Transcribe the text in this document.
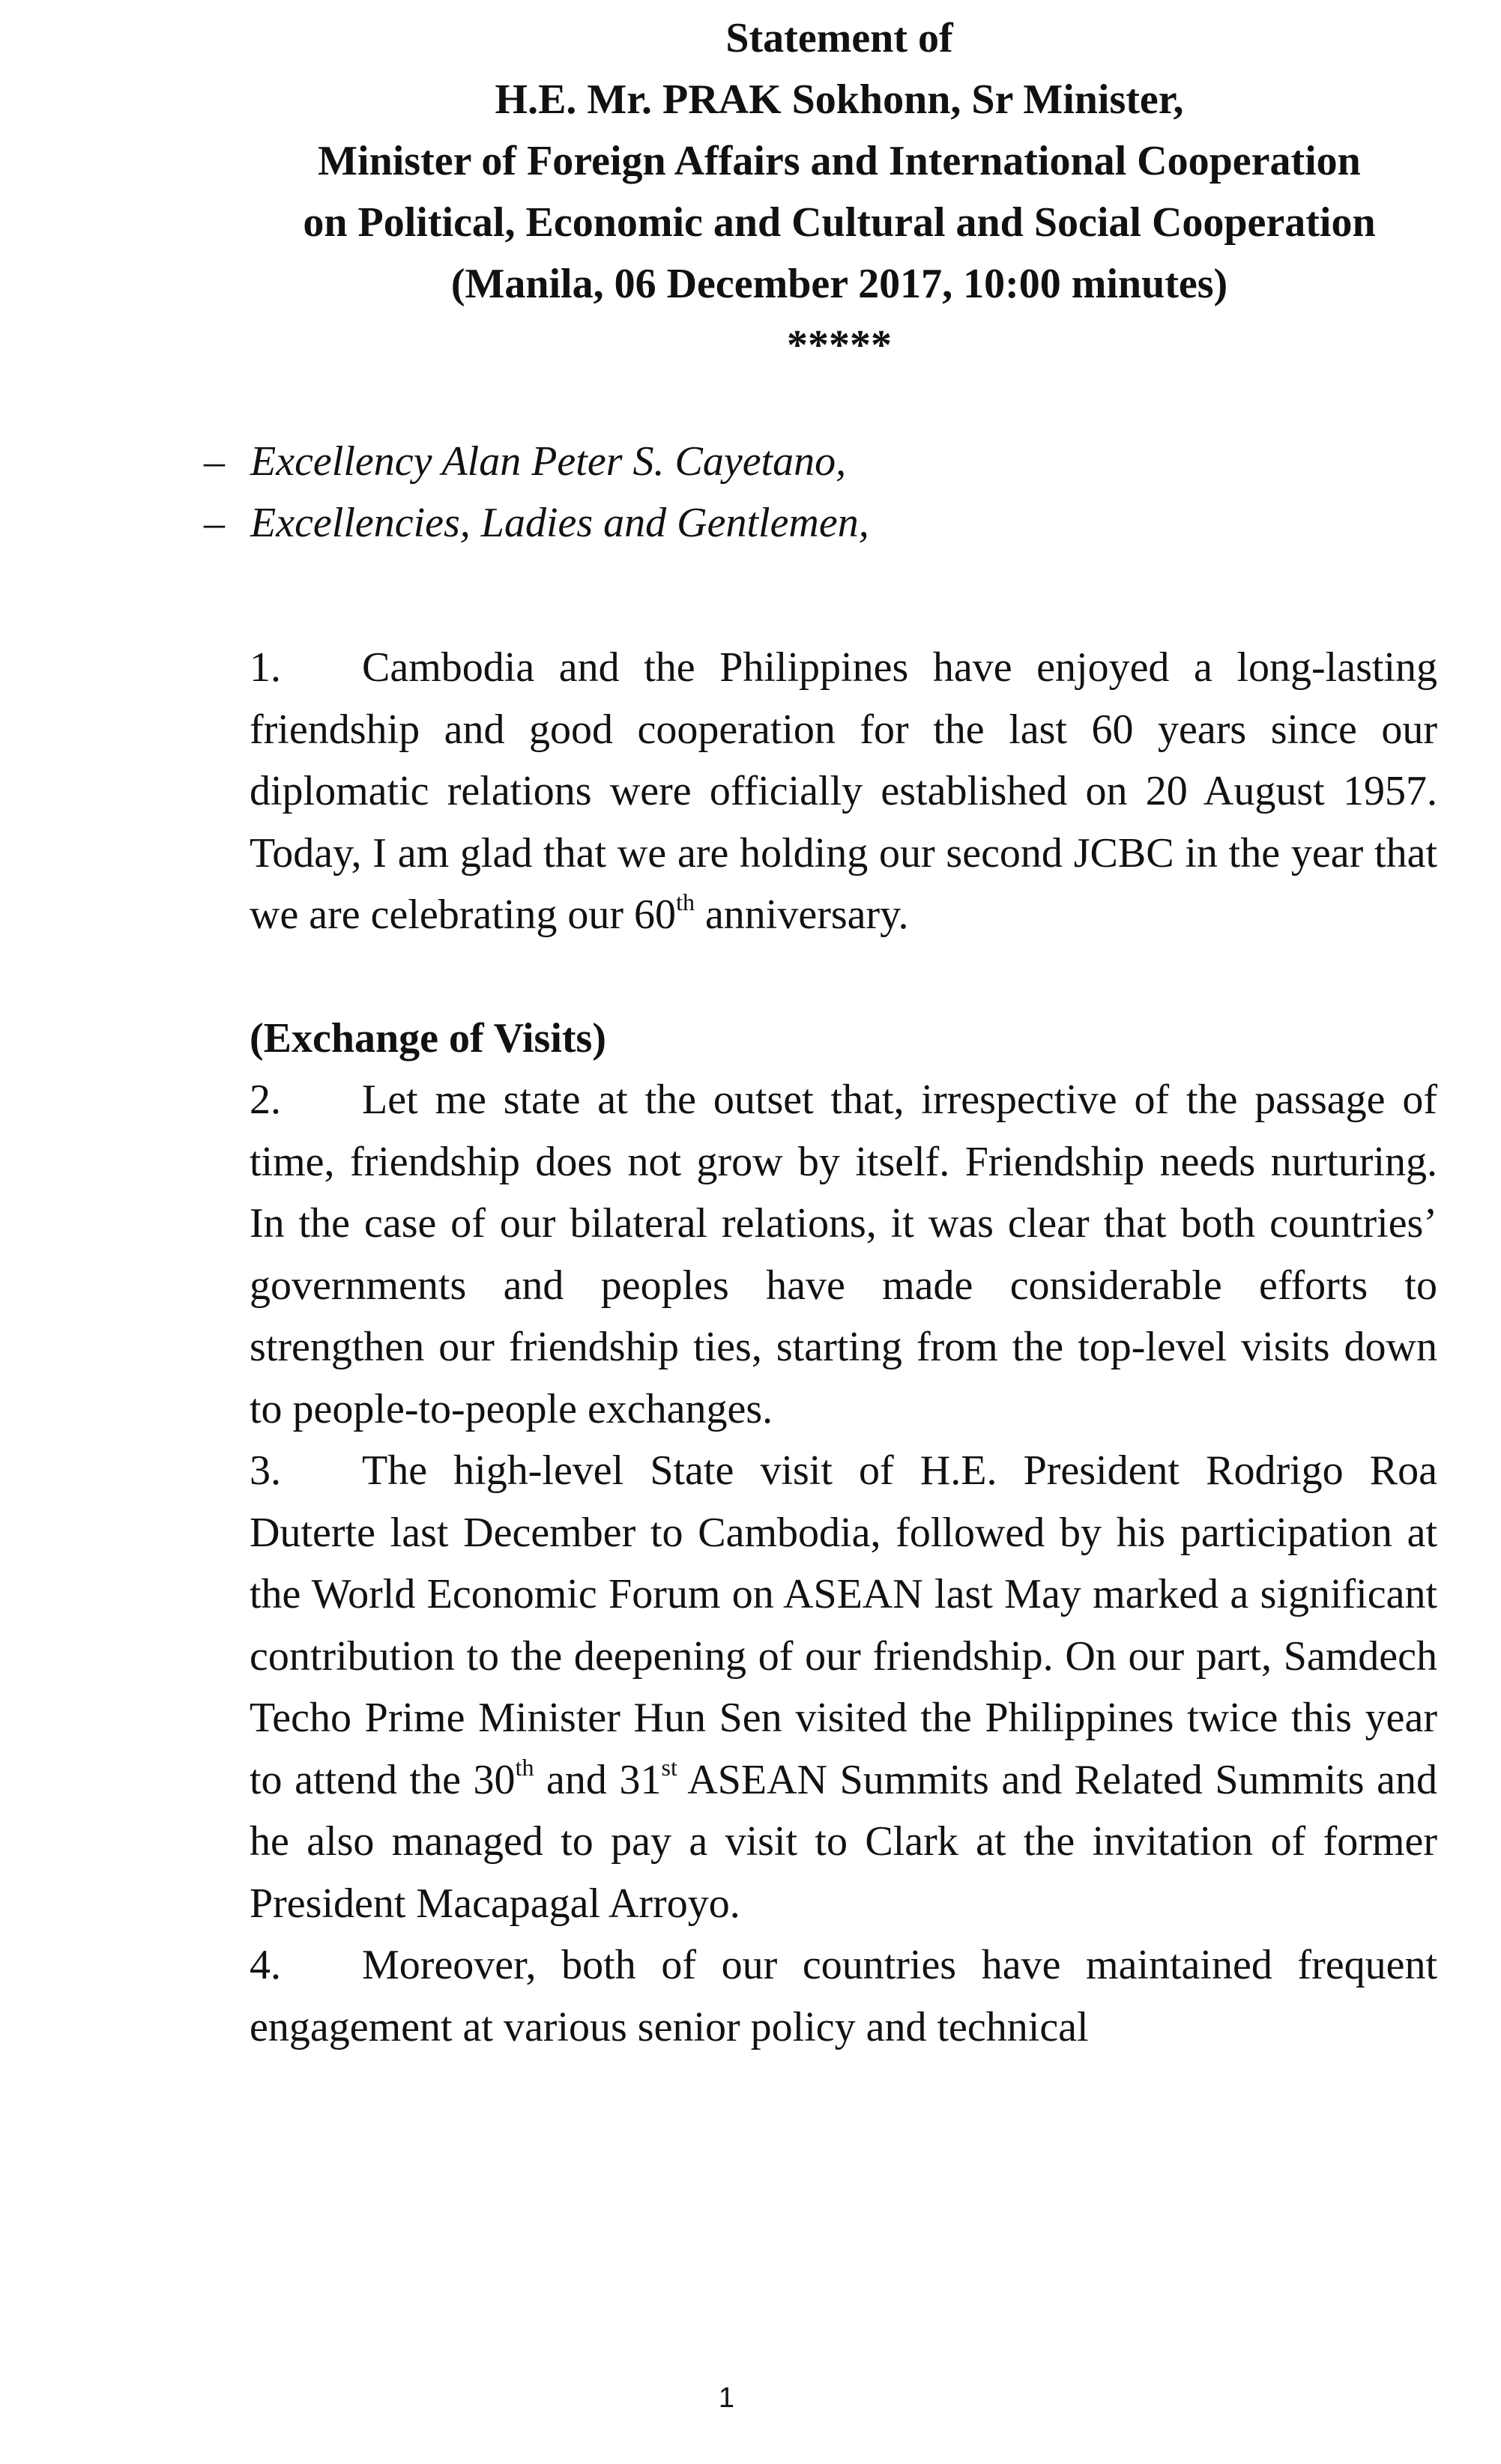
Statement of
H.E. Mr. PRAK Sokhonn, Sr Minister,
Minister of Foreign Affairs and International Cooperation
on Political, Economic and Cultural and Social Cooperation
(Manila, 06 December 2017, 10:00 minutes)
*****
– Excellency Alan Peter S. Cayetano,
– Excellencies, Ladies and Gentlemen,

1. Cambodia and the Philippines have enjoyed a long-lasting friendship and good cooperation for the last 60 years since our diplomatic relations were officially established on 20 August 1957. Today, I am glad that we are holding our second JCBC in the year that we are celebrating our 60th anniversary.

(Exchange of Visits)

2. Let me state at the outset that, irrespective of the passage of time, friendship does not grow by itself. Friendship needs nurturing. In the case of our bilateral relations, it was clear that both countries’ governments and peoples have made considerable efforts to strengthen our friendship ties, starting from the top-level visits down to people-to-people exchanges.

3. The high-level State visit of H.E. President Rodrigo Roa Duterte last December to Cambodia, followed by his participation at the World Economic Forum on ASEAN last May marked a significant contribution to the deepening of our friendship. On our part, Samdech Techo Prime Minister Hun Sen visited the Philippines twice this year to attend the 30th and 31st ASEAN Summits and Related Summits and he also managed to pay a visit to Clark at the invitation of former President Macapagal Arroyo.

4. Moreover, both of our countries have maintained frequent engagement at various senior policy and technical

1
